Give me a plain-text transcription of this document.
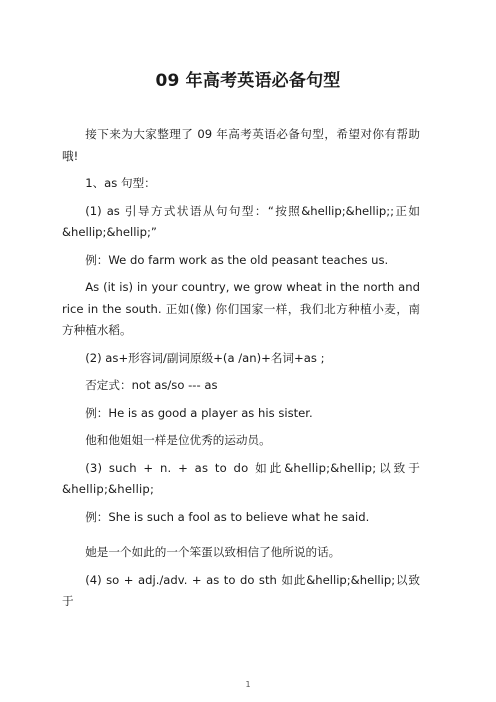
09 年高考英语必备句型

接下来为大家整理了 09 年高考英语必备句型，希望对你有帮助哦!

1、as 句型：

(1) as 引导方式状语从句句型：“按照&hellip;&hellip;;正如&hellip;&hellip;”

例：We do farm work as the old peasant teaches us.

As (it is) in your country, we grow wheat in the north and rice in the south. 正如(像) 你们国家一样，我们北方种植小麦，南方种植水稻。

(2) as+形容词/副词原级+(a /an)+名词+as ;

否定式：not as/so --- as

例：He is as good a player as his sister.

他和他姐姐一样是位优秀的运动员。

(3) such + n. + as to do 如此&hellip;&hellip;以致于&hellip;&hellip;

例：She is such a fool as to believe what he said.

她是一个如此的一个笨蛋以致相信了他所说的话。

(4) so + adj./adv. + as to do sth 如此&hellip;&hellip;以致于

1
